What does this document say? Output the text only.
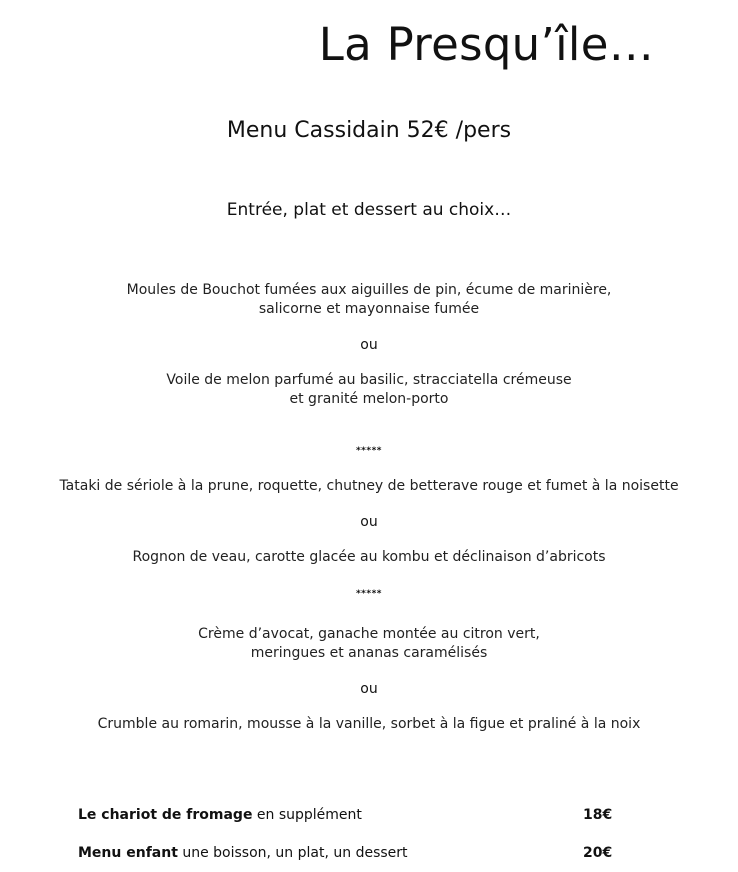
La Presqu’île…
Menu Cassidain 52€ /pers
Entrée, plat et dessert au choix…
Moules de Bouchot fumées aux aiguilles de pin, écume de marinière,
salicorne et mayonnaise fumée
ou
Voile de melon parfumé au basilic, stracciatella crémeuse
et granité melon-porto
*****
Tataki de sériole à la prune, roquette, chutney de betterave rouge et fumet à la noisette
ou
Rognon de veau, carotte glacée au kombu et déclinaison d’abricots
*****
Crème d’avocat, ganache montée au citron vert,
meringues et ananas caramélisés
ou
Crumble au romarin, mousse à la vanille, sorbet à la figue et praliné à la noix
Le chariot de fromage en supplément	18€
Menu enfant une boisson, un plat, un dessert	20€
